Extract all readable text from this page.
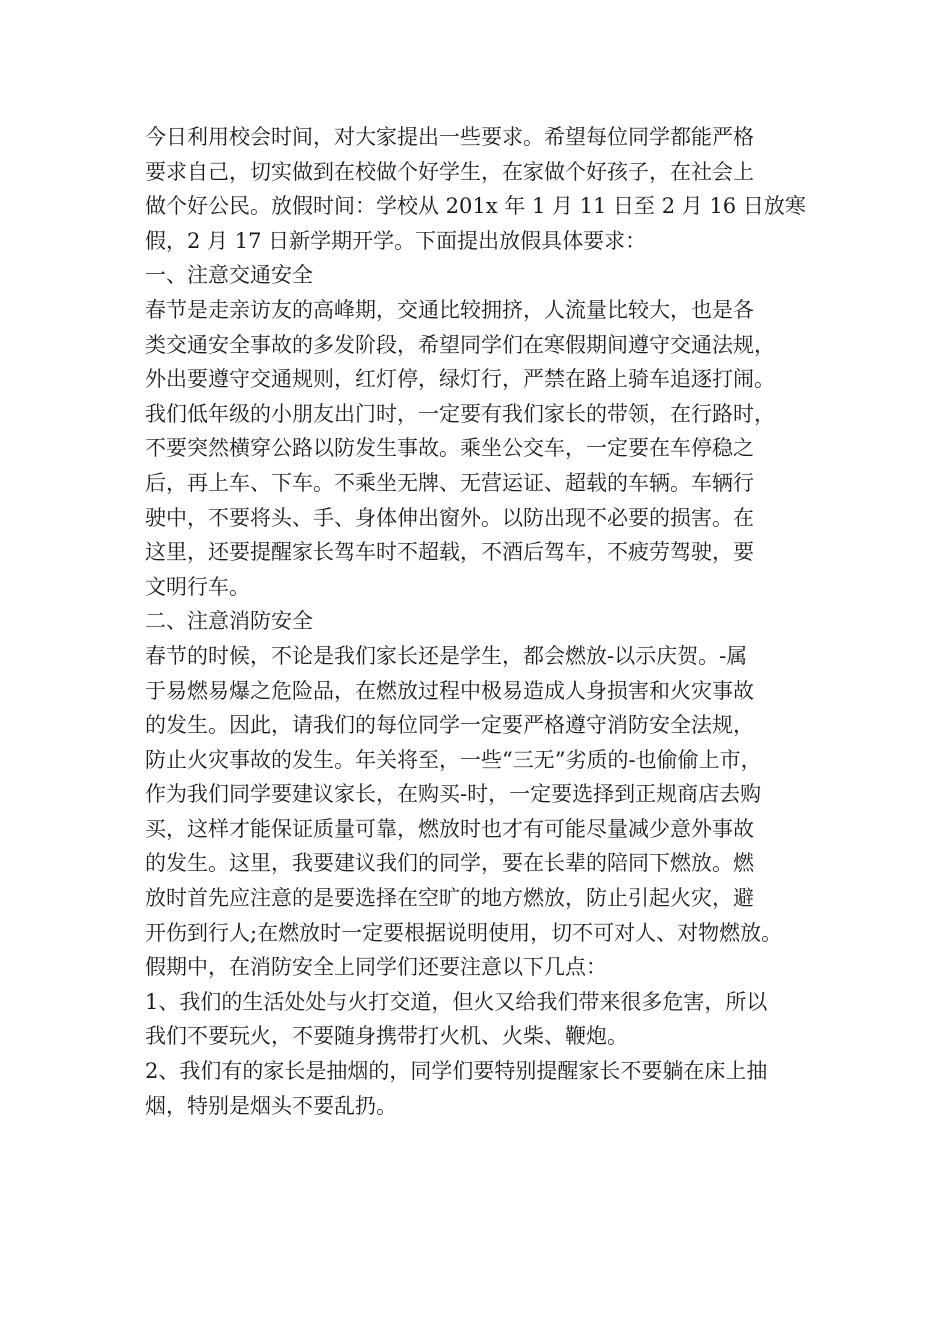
今日利用校会时间，对大家提出一些要求。希望每位同学都能严格
要求自己，切实做到在校做个好学生，在家做个好孩子，在社会上
做个好公民。放假时间：学校从 201x 年 1 月 11 日至 2 月 16 日放寒
假，2 月 17 日新学期开学。下面提出放假具体要求：
一、注意交通安全
春节是走亲访友的高峰期，交通比较拥挤，人流量比较大，也是各
类交通安全事故的多发阶段，希望同学们在寒假期间遵守交通法规，
外出要遵守交通规则，红灯停，绿灯行，严禁在路上骑车追逐打闹。
我们低年级的小朋友出门时，一定要有我们家长的带领，在行路时，
不要突然横穿公路以防发生事故。乘坐公交车，一定要在车停稳之
后，再上车、下车。不乘坐无牌、无营运证、超载的车辆。车辆行
驶中，不要将头、手、身体伸出窗外。以防出现不必要的损害。在
这里，还要提醒家长驾车时不超载，不酒后驾车，不疲劳驾驶，要
文明行车。
二、注意消防安全
春节的时候，不论是我们家长还是学生，都会燃放-以示庆贺。-属
于易燃易爆之危险品，在燃放过程中极易造成人身损害和火灾事故
的发生。因此，请我们的每位同学一定要严格遵守消防安全法规，
防止火灾事故的发生。年关将至，一些“三无”劣质的-也偷偷上市，
作为我们同学要建议家长，在购买-时，一定要选择到正规商店去购
买，这样才能保证质量可靠，燃放时也才有可能尽量减少意外事故
的发生。这里，我要建议我们的同学，要在长辈的陪同下燃放。燃
放时首先应注意的是要选择在空旷的地方燃放，防止引起火灾，避
开伤到行人;在燃放时一定要根据说明使用，切不可对人、对物燃放。
假期中，在消防安全上同学们还要注意以下几点：
1、我们的生活处处与火打交道，但火又给我们带来很多危害，所以
我们不要玩火，不要随身携带打火机、火柴、鞭炮。
2、我们有的家长是抽烟的，同学们要特别提醒家长不要躺在床上抽
烟，特别是烟头不要乱扔。
